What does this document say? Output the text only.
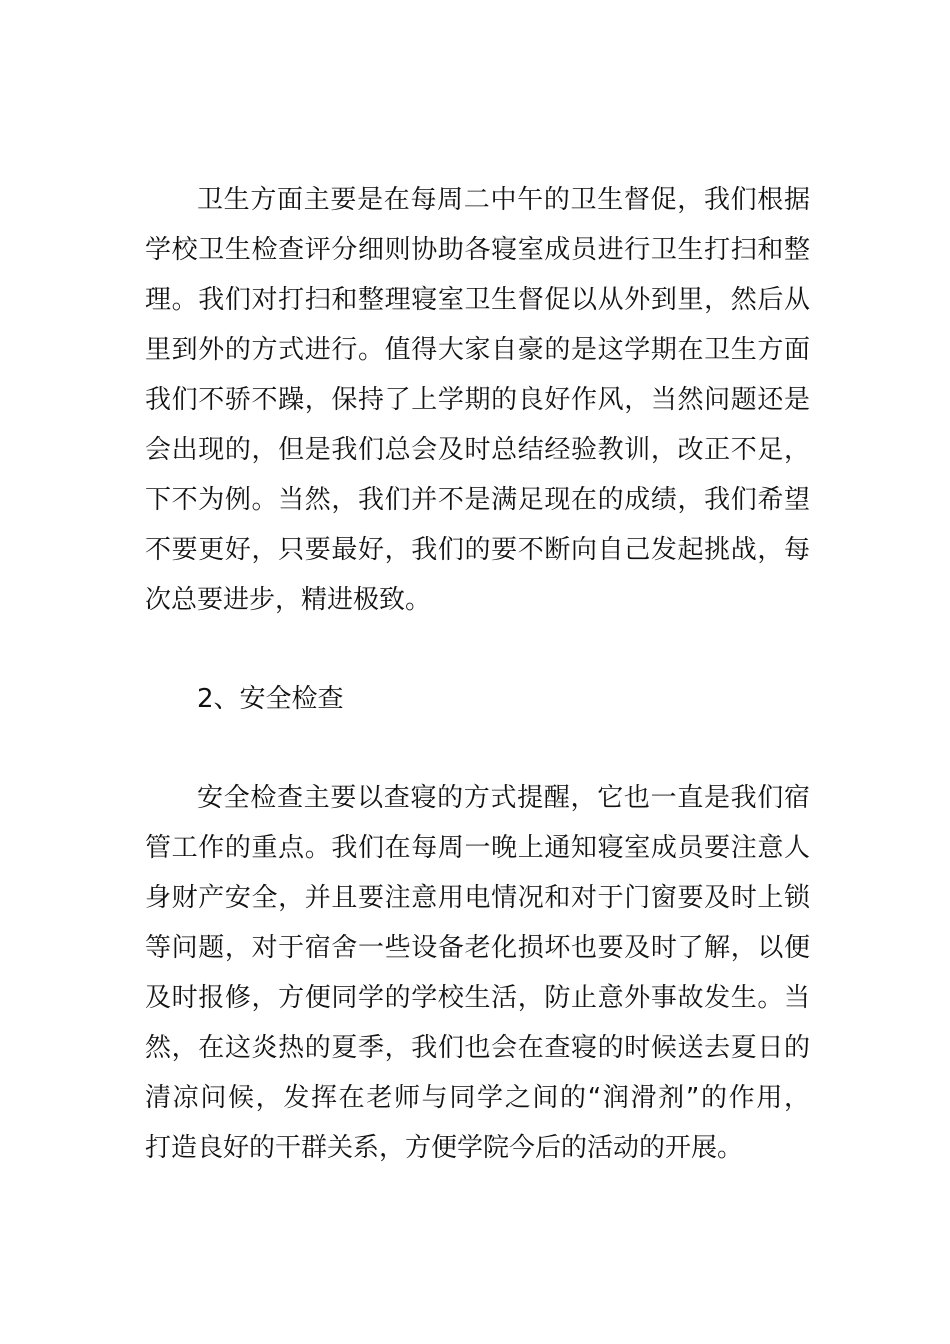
卫生方面主要是在每周二中午的卫生督促，我们根据
学校卫生检查评分细则协助各寝室成员进行卫生打扫和整
理。我们对打扫和整理寝室卫生督促以从外到里，然后从
里到外的方式进行。值得大家自豪的是这学期在卫生方面
我们不骄不躁，保持了上学期的良好作风，当然问题还是
会出现的，但是我们总会及时总结经验教训，改正不足，
下不为例。当然，我们并不是满足现在的成绩，我们希望
不要更好，只要最好，我们的要不断向自己发起挑战，每
次总要进步，精进极致。
2、安全检查
安全检查主要以查寝的方式提醒，它也一直是我们宿
管工作的重点。我们在每周一晚上通知寝室成员要注意人
身财产安全，并且要注意用电情况和对于门窗要及时上锁
等问题，对于宿舍一些设备老化损坏也要及时了解，以便
及时报修，方便同学的学校生活，防止意外事故发生。当
然，在这炎热的夏季，我们也会在查寝的时候送去夏日的
清凉问候，发挥在老师与同学之间的“润滑剂”的作用，
打造良好的干群关系，方便学院今后的活动的开展。
